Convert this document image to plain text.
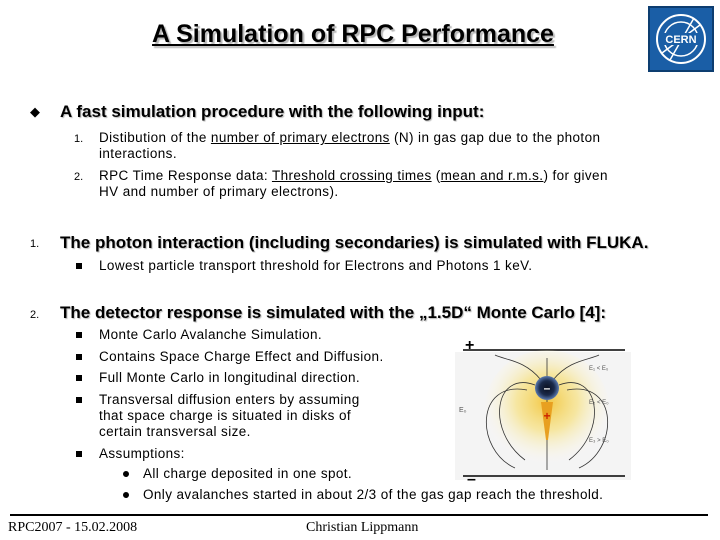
A Simulation of RPC Performance	CERN
◆ A fast simulation procedure with the following input:
1. Distibution of the number of primary electrons (N) in gas gap due to the photon
interactions.
2. RPC Time Response data: Threshold crossing times (mean and r.m.s.) for given
HV and number of primary electrons).
1. The photon interaction (including secondaries) is simulated with FLUKA.
Lowest particle transport threshold for Electrons and Photons 1 keV.
2. The detector response is simulated with the „1.5D“ Monte Carlo [4]:
Monte Carlo Avalanche Simulation.
Contains Space Charge Effect and Diffusion.
Full Monte Carlo in longitudinal direction.
Transversal diffusion enters by assuming
that space charge is situated in disks of
certain transversal size.
Assumptions:
All charge deposited in one spot.
Only avalanches started in about 2/3 of the gas gap reach the threshold.
+
–
–
+
E₀
E₁ < E₀
E₂ < E₀
E₃ > E₀
RPC2007 - 15.02.2008	Christian Lippmann
